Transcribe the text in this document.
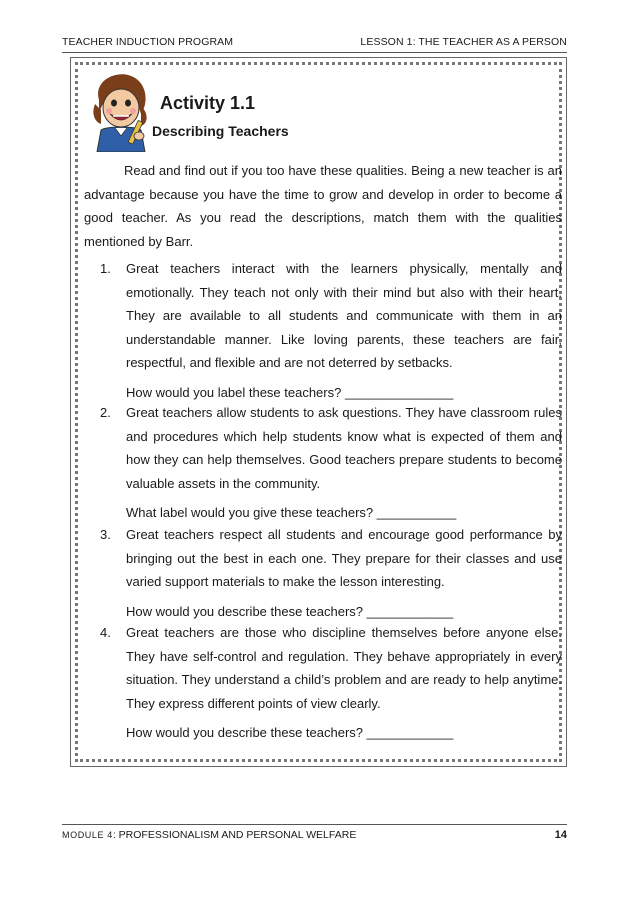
TEACHER INDUCTION PROGRAM	LESSON 1: THE TEACHER AS A PERSON
Activity 1.1
Describing Teachers

Read and find out if you too have these qualities. Being a new teacher is an advantage because you have the time to grow and develop in order to become a good teacher. As you read the descriptions, match them with the qualities mentioned by Barr.

1. Great teachers interact with the learners physically, mentally and emotionally. They teach not only with their mind but also with their heart. They are available to all students and communicate with them in an understandable manner. Like loving parents, these teachers are fair, respectful, and flexible and are not deterred by setbacks.
How would you label these teachers? _______________
2. Great teachers allow students to ask questions. They have classroom rules and procedures which help students know what is expected of them and how they can help themselves. Good teachers prepare students to become valuable assets in the community.
What label would you give these teachers? ___________
3. Great teachers respect all students and encourage good performance by bringing out the best in each one. They prepare for their classes and use varied support materials to make the lesson interesting.
How would you describe these teachers? ____________
4. Great teachers are those who discipline themselves before anyone else. They have self-control and regulation. They behave appropriately in every situation. They understand a child’s problem and are ready to help anytime. They express different points of view clearly.
How would you describe these teachers? ____________
MODULE 4: PROFESSIONALISM AND PERSONAL WELFARE	14
